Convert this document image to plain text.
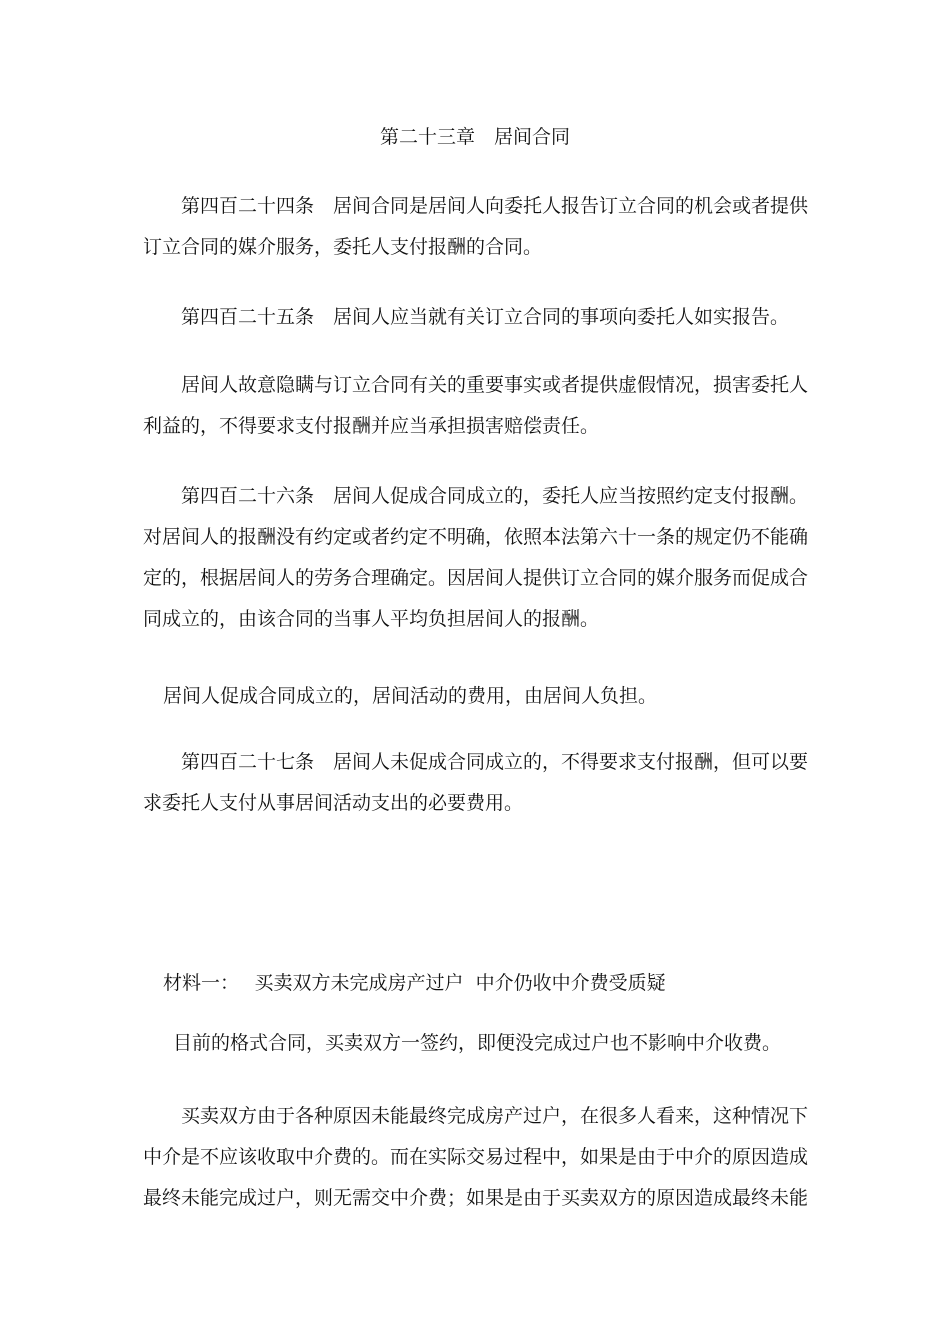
第二十三章　居间合同
第四百二十四条　居间合同是居间人向委托人报告订立合同的机会或者提供订立合同的媒介服务，委托人支付报酬的合同。
第四百二十五条　居间人应当就有关订立合同的事项向委托人如实报告。
居间人故意隐瞒与订立合同有关的重要事实或者提供虚假情况，损害委托人利益的，不得要求支付报酬并应当承担损害赔偿责任。
第四百二十六条　居间人促成合同成立的，委托人应当按照约定支付报酬。对居间人的报酬没有约定或者约定不明确，依照本法第六十一条的规定仍不能确定的，根据居间人的劳务合理确定。因居间人提供订立合同的媒介服务而促成合同成立的，由该合同的当事人平均负担居间人的报酬。
居间人促成合同成立的，居间活动的费用，由居间人负担。
第四百二十七条　居间人未促成合同成立的，不得要求支付报酬，但可以要求委托人支付从事居间活动支出的必要费用。
材料一：　 买卖双方未完成房产过户  中介仍收中介费受质疑
目前的格式合同，买卖双方一签约，即便没完成过户也不影响中介收费。
买卖双方由于各种原因未能最终完成房产过户，在很多人看来，这种情况下中介是不应该收取中介费的。而在实际交易过程中，如果是由于中介的原因造成最终未能完成过户，则无需交中介费；如果是由于买卖双方的原因造成最终未能
